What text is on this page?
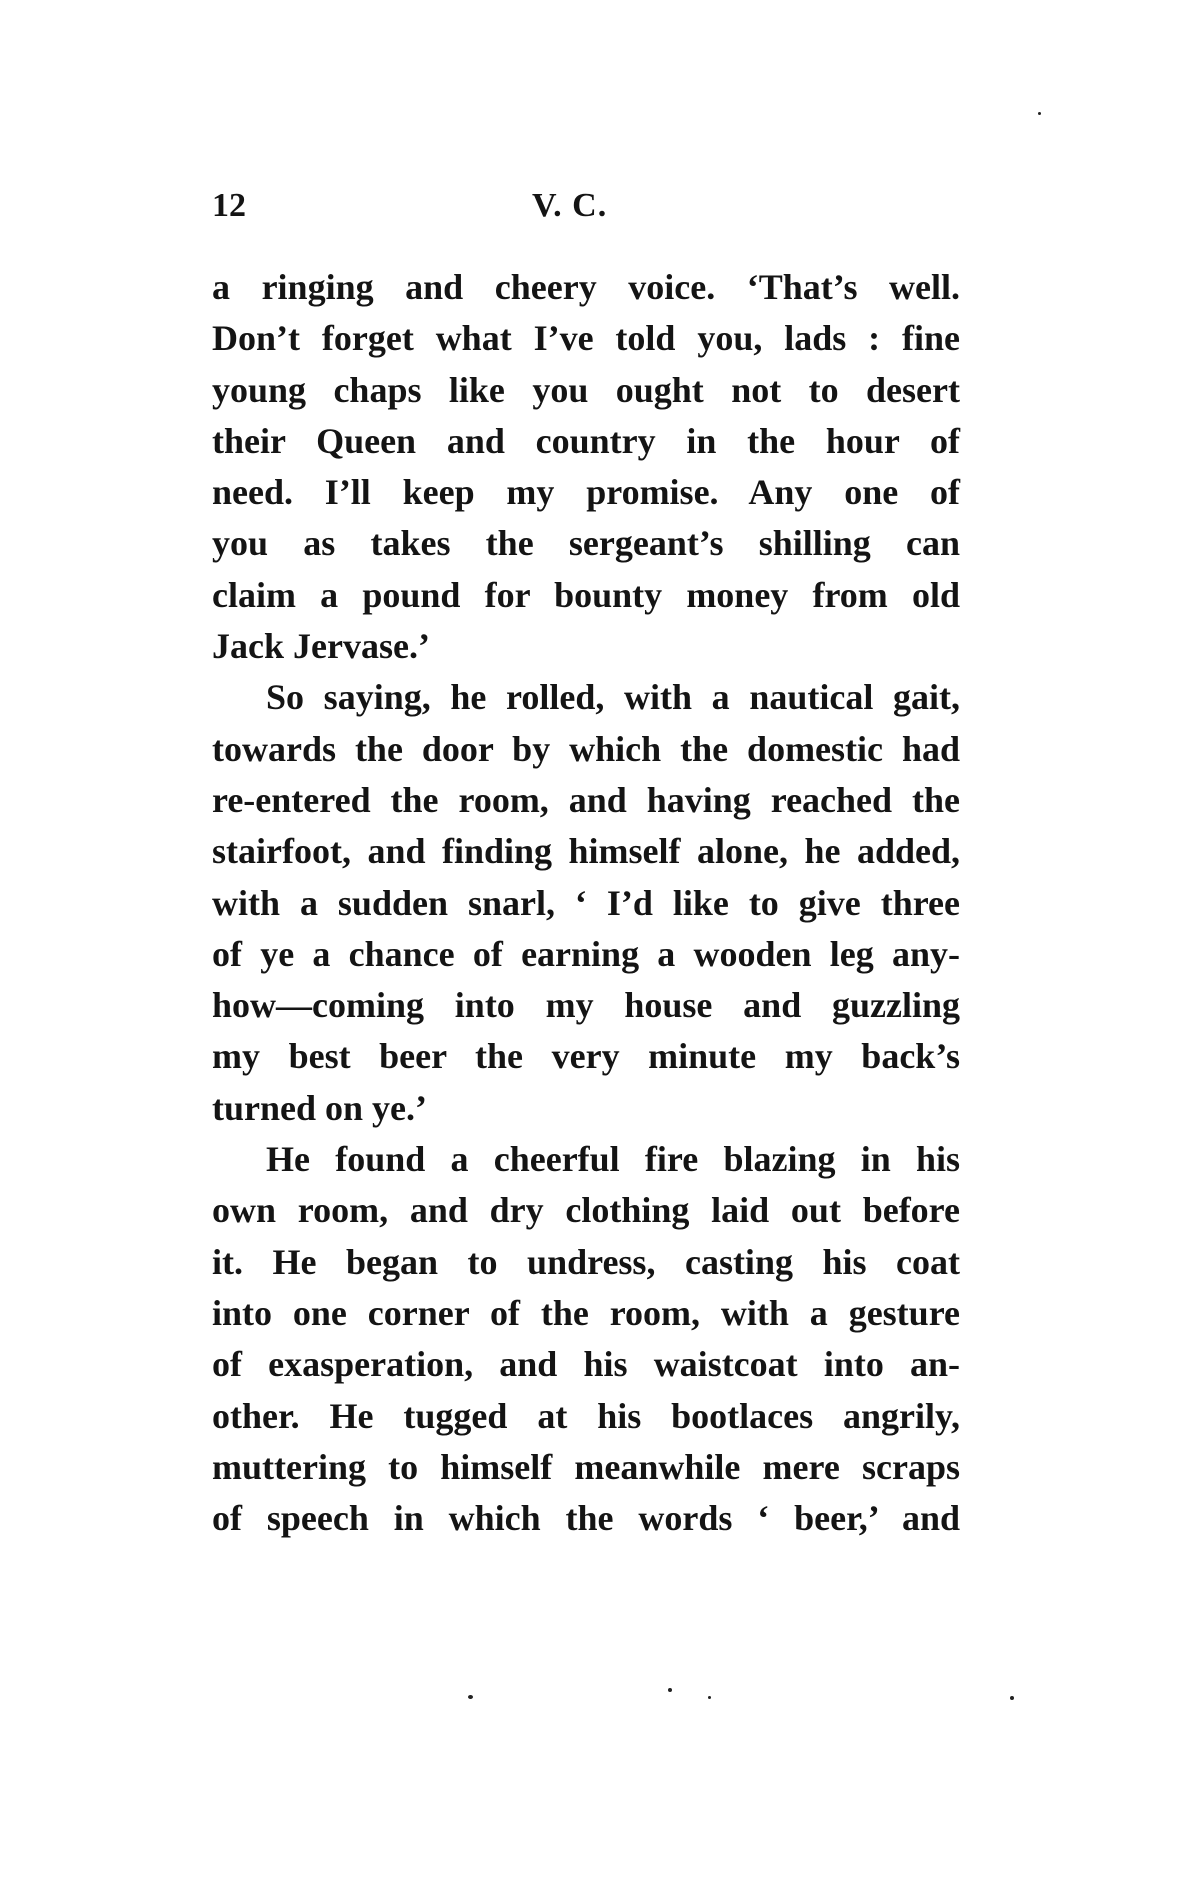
12	V. C.
a ringing and cheery voice. ‘That’s well.
Don’t forget what I’ve told you, lads : fine
young chaps like you ought not to desert
their Queen and country in the hour of
need. I’ll keep my promise. Any one of
you as takes the sergeant’s shilling can
claim a pound for bounty money from old
Jack Jervase.’
So saying, he rolled, with a nautical gait,
towards the door by which the domestic had
re-entered the room, and having reached the
stairfoot, and finding himself alone, he added,
with a sudden snarl, ‘ I’d like to give three
of ye a chance of earning a wooden leg any-
how—coming into my house and guzzling
my best beer the very minute my back’s
turned on ye.’
He found a cheerful fire blazing in his
own room, and dry clothing laid out before
it. He began to undress, casting his coat
into one corner of the room, with a gesture
of exasperation, and his waistcoat into an-
other. He tugged at his bootlaces angrily,
muttering to himself meanwhile mere scraps
of speech in which the words ‘ beer,’ and
